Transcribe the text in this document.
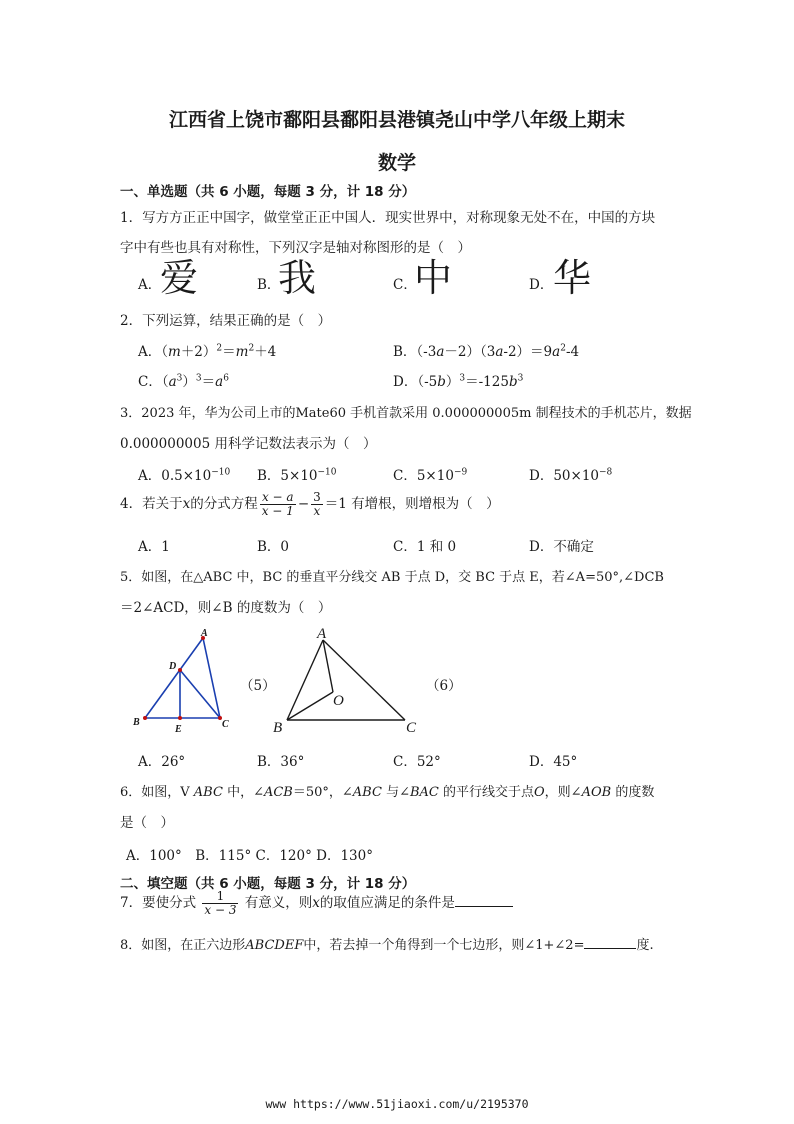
江西省上饶市鄱阳县鄱阳县港镇尧山中学八年级上期末
数学
一、单选题（共 6 小题，每题 3 分，计 18 分）
1．写方方正正中国字，做堂堂正正中国人．现实世界中，对称现象无处不在，中国的方块
字中有些也具有对称性，下列汉字是轴对称图形的是（　）
A．
爱	B．
我	C．
中	D． 华
2．下列运算，结果正确的是（　）
A．$(m+2)^2=m^2+4$	B．$(-3a-2)(3a-2)=9a^2-4$
C．$(a^3)^3=a^6$	D．$(-5b)^3=-125b^3$
3．2023 年，华为公司上市的Mate60 手机首款采用 0.000000005m 制程技术的手机芯片，数据
0.000000005 用科学记数法表示为（　）
A．$0.5\times 10^{-10}$ B．$5\times 10^{-10}$	C．$5\times 10^{-9}$	D．$50\times 10^{-8}$
4．若关于x的分式方程 $\frac{x - a}{x - 1} - \frac{3}{x} =1$ 有增根，则增根为（　）
A．1	B．0	C．1 和 0	D．不确定
5．如图，在△ABC 中，BC 的垂直平分线交 AB 于点 D，交 BC 于点 E，若∠A=50°,∠DCB
＝2∠ACD，则∠B 的度数为（　）
A
D
B
E	C
（5）
A
O
B	C
（6）
A．26°	B．36°	C．52°	D．45°
6．如图，V ABC 中，∠ACB＝50°，∠ABC 与∠BAC 的平行线交于点O，则∠AOB 的度数
是（　）
A．100°　B．115° C．120° D．130°
二、填空题（共 6 小题，每题 3 分，计 18 分）
7．要使分式 $\frac{1}{x - 3}$ 有意义，则x的取值应满足的条件是
8．如图，在正六边形ABCDEF中，若去掉一个角得到一个七边形，则∠1+∠2=	度.
www https://www.51jiaoxi.com/u/2195370
